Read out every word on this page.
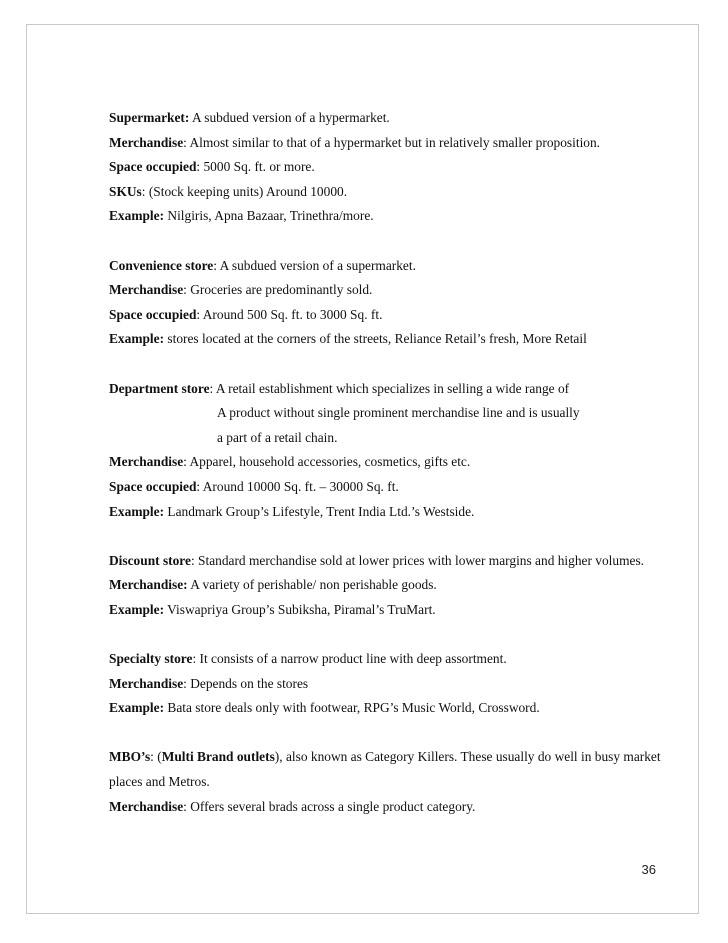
Supermarket: A subdued version of a hypermarket.
Merchandise: Almost similar to that of a hypermarket but in relatively smaller proposition.
Space occupied: 5000 Sq. ft. or more.
SKUs: (Stock keeping units) Around 10000.
Example: Nilgiris, Apna Bazaar, Trinethra/more.
Convenience store: A subdued version of a supermarket.
Merchandise: Groceries are predominantly sold.
Space occupied: Around 500 Sq. ft. to 3000 Sq. ft.
Example: stores located at the corners of the streets, Reliance Retail’s fresh, More Retail
Department store: A retail establishment which specializes in selling a wide range of
A product without single prominent merchandise line and is usually
a part of a retail chain.
Merchandise: Apparel, household accessories, cosmetics, gifts etc.
Space occupied: Around 10000 Sq. ft. – 30000 Sq. ft.
Example: Landmark Group’s Lifestyle, Trent India Ltd.’s Westside.
Discount store: Standard merchandise sold at lower prices with lower margins and higher volumes.
Merchandise: A variety of perishable/ non perishable goods.
Example: Viswapriya Group’s Subiksha, Piramal’s TruMart.
Specialty store: It consists of a narrow product line with deep assortment.
Merchandise: Depends on the stores
Example: Bata store deals only with footwear, RPG’s Music World, Crossword.
MBO’s: (Multi Brand outlets), also known as Category Killers. These usually do well in busy market places and Metros.
Merchandise: Offers several brads across a single product category.
36
